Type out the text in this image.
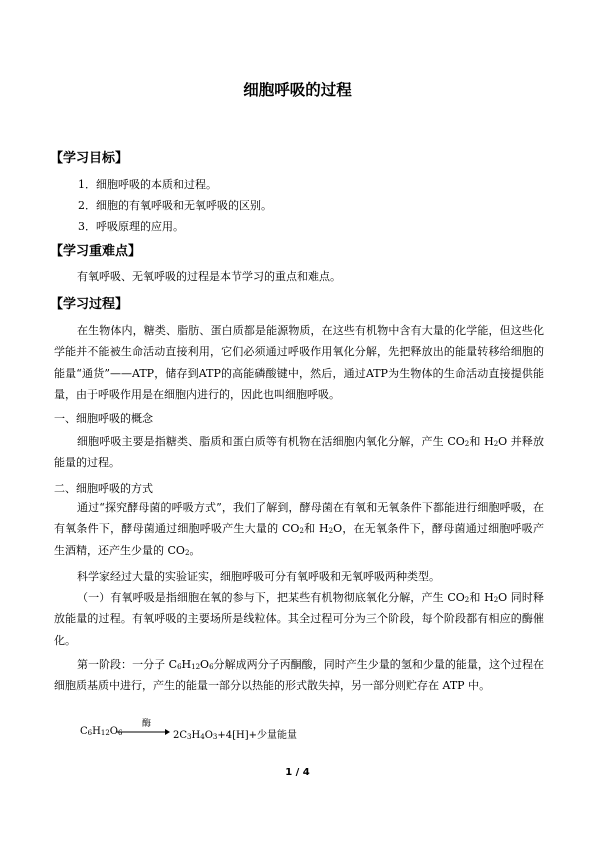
细胞呼吸的过程
【学习目标】
1．细胞呼吸的本质和过程。
2．细胞的有氧呼吸和无氧呼吸的区别。
3．呼吸原理的应用。
【学习重难点】

有氧呼吸、无氧呼吸的过程是本节学习的重点和难点。

【学习过程】

在生物体内，糖类、脂肪、蛋白质都是能源物质，在这些有机物中含有大量的化学能，但这些化学能并不能被生命活动直接利用，它们必须通过呼吸作用氧化分解，先把释放出的能量转移给细胞的能量“通货”——ATP，储存到ATP的高能磷酸键中，然后，通过ATP为生物体的生命活动直接提供能量，由于呼吸作用是在细胞内进行的，因此也叫细胞呼吸。

一、细胞呼吸的概念

细胞呼吸主要是指糖类、脂质和蛋白质等有机物在活细胞内氧化分解，产生 $CO_2$和 $H_2O$ 并释放能量的过程。

二、细胞呼吸的方式

通过“探究酵母菌的呼吸方式”，我们了解到，酵母菌在有氧和无氧条件下都能进行细胞呼吸，在有氧条件下，酵母菌通过细胞呼吸产生大量的 $CO_2$和 $H_2O$，在无氧条件下，酵母菌通过细胞呼吸产生酒精，还产生少量的 $CO_2$。

科学家经过大量的实验证实，细胞呼吸可分有氧呼吸和无氧呼吸两种类型。

（一）有氧呼吸是指细胞在氧的参与下，把某些有机物彻底氧化分解，产生 $CO_2$和 $H_2O$ 同时释放能量的过程。有氧呼吸的主要场所是线粒体。其全过程可分为三个阶段，每个阶段都有相应的酶催化。

第一阶段：一分子 $C_6H_{12}O_6$分解成两分子丙酮酸，同时产生少量的氢和少量的能量，这个过程在细胞质基质中进行，产生的能量一部分以热能的形式散失掉，另一部分则贮存在 ATP 中。

$C_6H_{12}O_6$
酶
$2C_3H_4O_3+4[H]+$少量能量
1 / 4
